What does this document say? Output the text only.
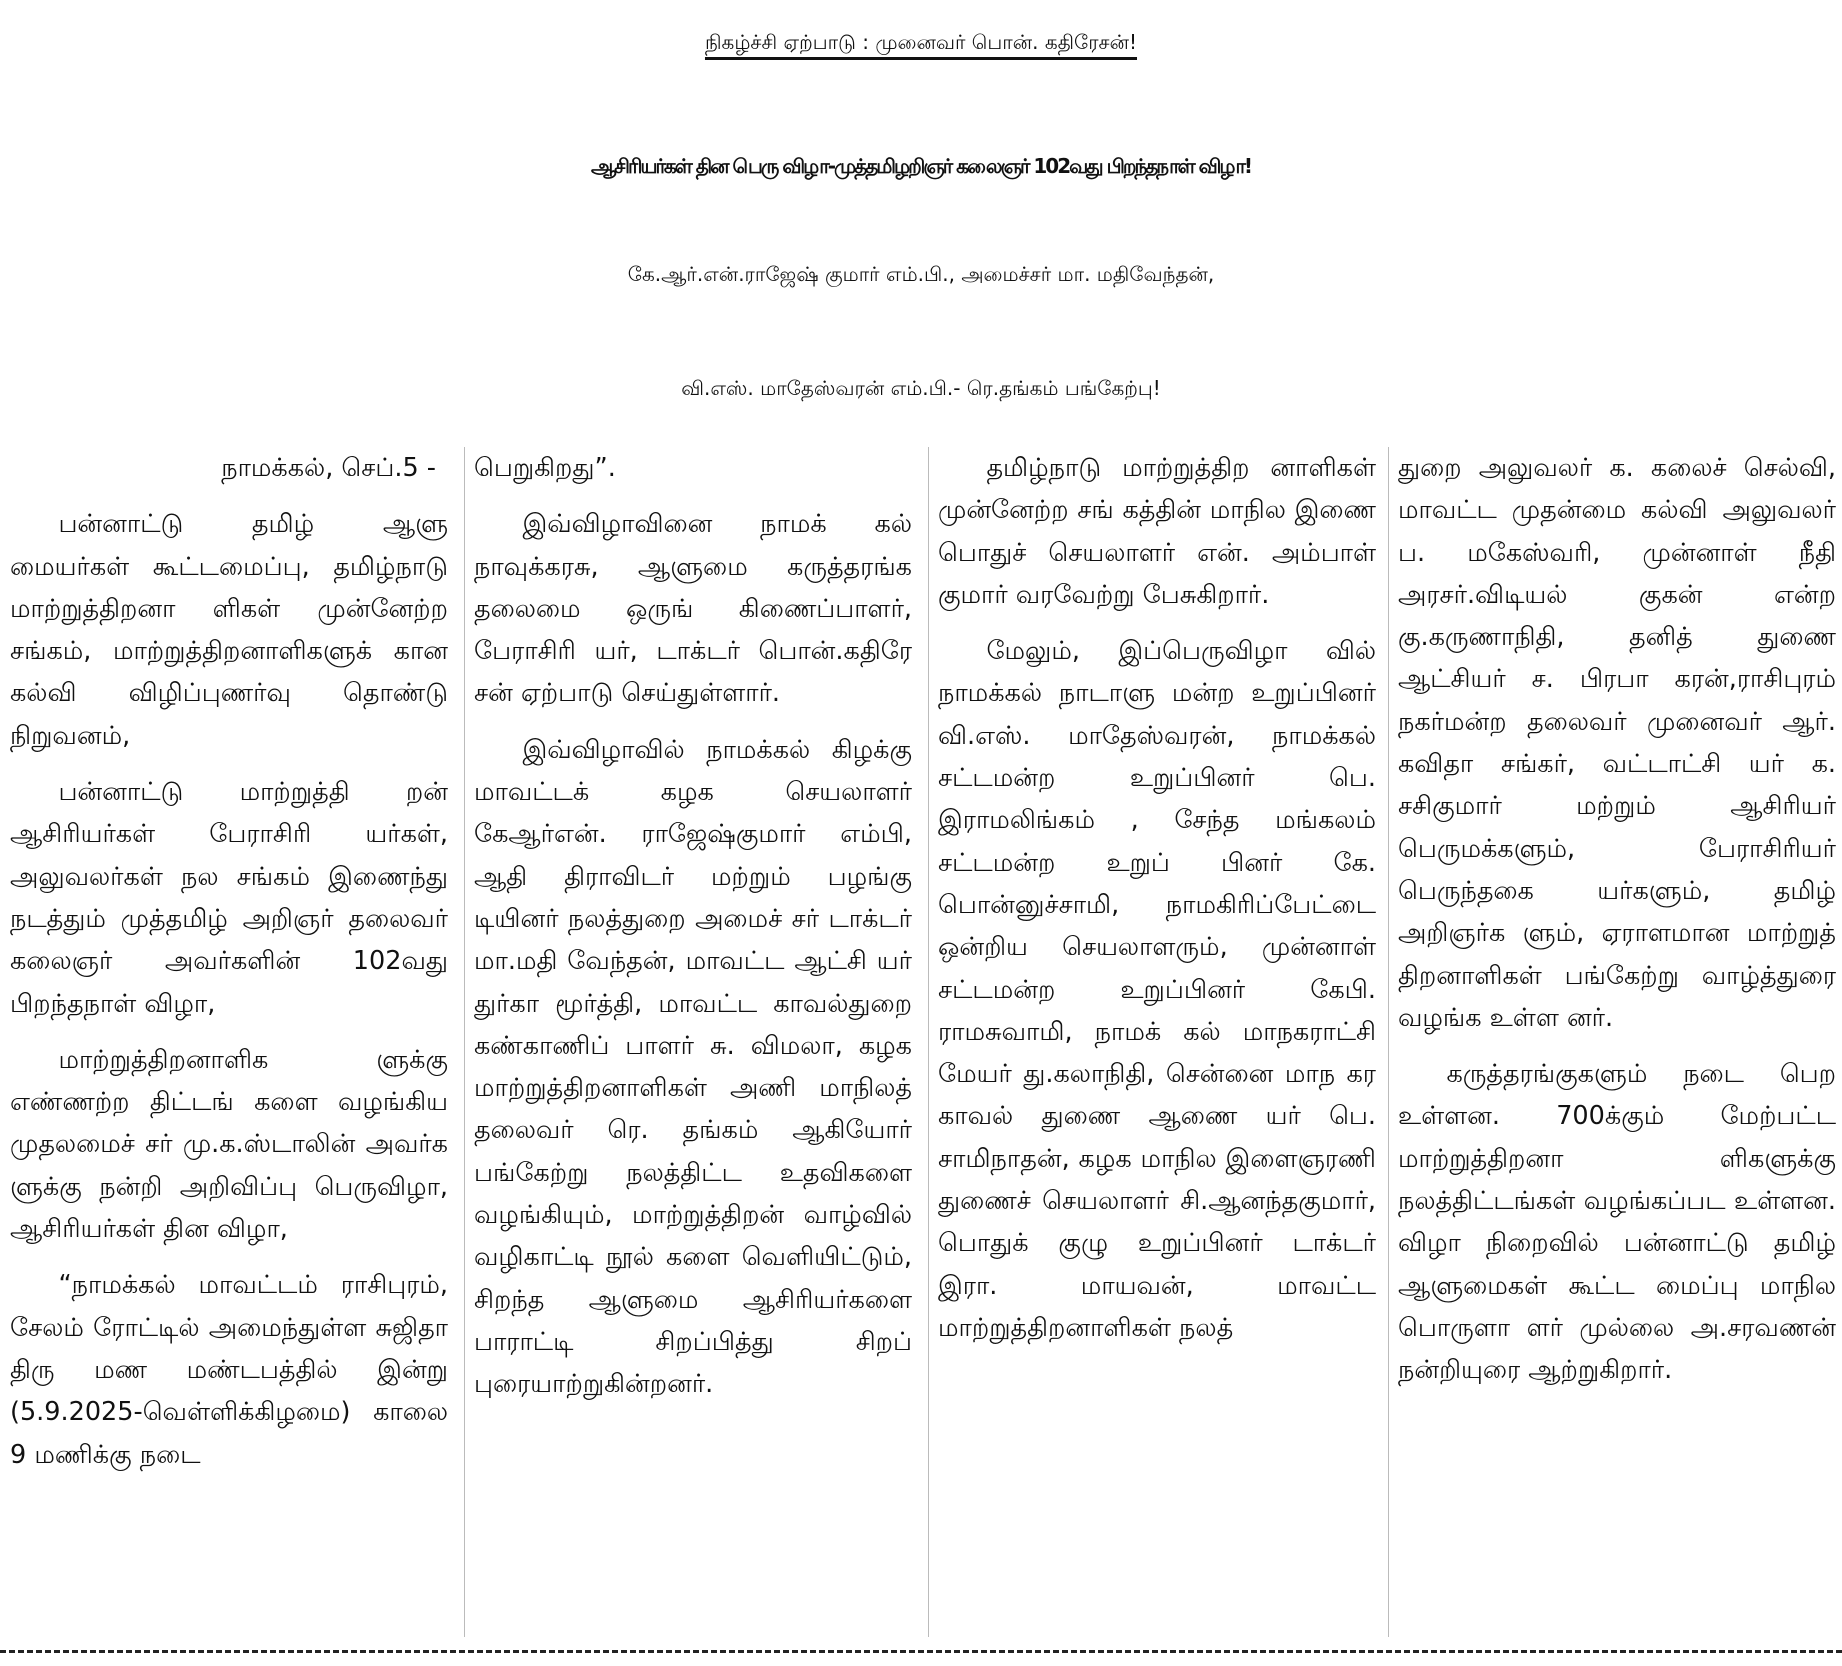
நிகழ்ச்சி ஏற்பாடு : முனைவர் பொன். கதிரேசன்!
ஆசிரியர்கள் தின பெரு விழா-முத்தமிழறிஞர் கலைஞர் 102வது பிறந்தநாள் விழா!
கே.ஆர்.என்.ராஜேஷ் குமார் எம்.பி., அமைச்சர் மா. மதிவேந்தன்,
வி.எஸ். மாதேஸ்வரன் எம்.பி.- ரெ.தங்கம் பங்கேற்பு!

நாமக்கல், செப்.5 -

பன்னாட்டு தமிழ் ஆளு மையர்கள் கூட்டமைப்பு, தமிழ்நாடு மாற்றுத்திறனா ளிகள் முன்னேற்ற சங்கம், மாற்றுத்திறனாளிகளுக் கான கல்வி விழிப்புணர்வு தொண்டு நிறுவனம்,

பன்னாட்டு மாற்றுத்தி றன் ஆசிரியர்கள் பேராசிரி யர்கள், அலுவலர்கள் நல சங்கம் இணைந்து நடத்தும் முத்தமிழ் அறிஞர் தலைவர் கலைஞர் அவர்களின் 102வது பிறந்தநாள் விழா,

மாற்றுத்திறனாளிக ளுக்கு எண்ணற்ற திட்டங் களை வழங்கிய முதலமைச் சர் மு.க.ஸ்டாலின் அவர்க ளுக்கு நன்றி அறிவிப்பு பெருவிழா, ஆசிரியர்கள் தின விழா,

“நாமக்கல் மாவட்டம் ராசிபுரம், சேலம் ரோட்டில் அமைந்துள்ள சுஜிதா திரு மண மண்டபத்தில் இன்று (5.9.2025-வெள்ளிக்கிழமை) காலை 9 மணிக்கு நடை

பெறுகிறது”.

இவ்விழாவினை நாமக் கல் நாவுக்கரசு, ஆளுமை கருத்தரங்க தலைமை ஒருங் கிணைப்பாளர், பேராசிரி யர், டாக்டர் பொன்.கதிரே சன் ஏற்பாடு செய்துள்ளார்.

இவ்விழாவில் நாமக்கல் கிழக்கு மாவட்டக் கழக செயலாளர் கேஆர்என். ராஜேஷ்குமார் எம்பி, ஆதி திராவிடர் மற்றும் பழங்கு டியினர் நலத்துறை அமைச் சர் டாக்டர் மா.மதி வேந்தன், மாவட்ட ஆட்சி யர் துர்கா மூர்த்தி, மாவட்ட காவல்துறை கண்காணிப் பாளர் சு. விமலா, கழக மாற்றுத்திறனாளிகள் அணி மாநிலத் தலைவர் ரெ. தங்கம் ஆகியோர் பங்கேற்று நலத்திட்ட உதவிகளை வழங்கியும், மாற்றுத்திறன் வாழ்வில் வழிகாட்டி நூல் களை வெளியிட்டும், சிறந்த ஆளுமை ஆசிரியர்களை பாராட்டி சிறப்பித்து சிறப் புரையாற்றுகின்றனர்.

தமிழ்நாடு மாற்றுத்திற னாளிகள் முன்னேற்ற சங் கத்தின் மாநில இணை பொதுச் செயலாளர் என். அம்பாள் குமார் வரவேற்று பேசுகிறார்.

மேலும், இப்பெருவிழா வில் நாமக்கல் நாடாளு மன்ற உறுப்பினர் வி.எஸ். மாதேஸ்வரன், நாமக்கல் சட்டமன்ற உறுப்பினர் பெ. இராமலிங்கம் , சேந்த மங்கலம் சட்டமன்ற உறுப் பினர் கே. பொன்னுச்சாமி, நாமகிரிப்பேட்டை ஒன்றிய செயலாளரும், முன்னாள் சட்டமன்ற உறுப்பினர் கேபி. ராமசுவாமி, நாமக் கல் மாநகராட்சி மேயர் து.கலாநிதி, சென்னை மாந கர காவல் துணை ஆணை யர் பெ. சாமிநாதன், கழக மாநில இளைஞரணி துணைச் செயலாளர் சி.ஆனந்தகுமார், பொதுக் குழு உறுப்பினர் டாக்டர் இரா. மாயவன், மாவட்ட மாற்றுத்திறனாளிகள் நலத்

துறை அலுவலர் க. கலைச் செல்வி, மாவட்ட முதன்மை கல்வி அலுவலர் ப. மகேஸ்வரி, முன்னாள் நீதி அரசர்.விடியல் குகன் என்ற கு.கருணாநிதி, தனித் துணை ஆட்சியர் ச. பிரபா கரன்,ராசிபுரம் நகர்மன்ற தலைவர் முனைவர் ஆர். கவிதா சங்கர், வட்டாட்சி யர் க. சசிகுமார் மற்றும் ஆசிரியர் பெருமக்களும், பேராசிரியர் பெருந்தகை யர்களும், தமிழ் அறிஞர்க ளும், ஏராளமான மாற்றுத் திறனாளிகள் பங்கேற்று வாழ்த்துரை வழங்க உள்ள னர்.

கருத்தரங்குகளும் நடை பெற உள்ளன. 700க்கும் மேற்பட்ட மாற்றுத்திறனா ளிகளுக்கு நலத்திட்டங்கள் வழங்கப்பட உள்ளன. விழா நிறைவில் பன்னாட்டு தமிழ் ஆளுமைகள் கூட்ட மைப்பு மாநில பொருளா ளர் முல்லை அ.சரவணன் நன்றியுரை ஆற்றுகிறார்.
